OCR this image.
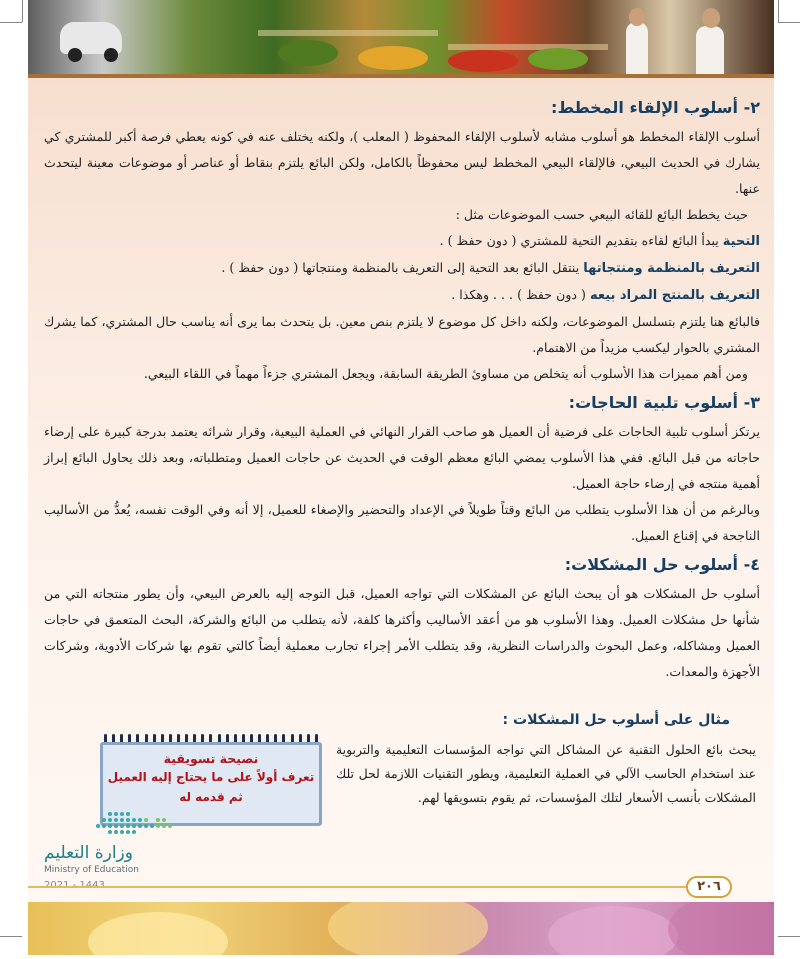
٢- أسلوب الإلقاء المخطط:

أسلوب الإلقاء المخطط هو أسلوب مشابه لأسلوب الإلقاء المحفوظ ( المعلب )، ولكنه يختلف عنه في كونه يعطي فرصة أكبر للمشتري كي يشارك في الحديث البيعي، فالإلقاء البيعي المخطط ليس محفوظاً بالكامل، ولكن البائع يلتزم بنقاط أو عناصر أو موضوعات معينة ليتحدث عنها.

حيث يخطط البائع للقائه البيعي حسب الموضوعات مثل :

التحية يبدأ البائع لقاءه بتقديم التحية للمشتري ( دون حفظ ) .

التعريف بالمنظمة ومنتجاتها ينتقل البائع بعد التحية إلى التعريف بالمنظمة ومنتجاتها ( دون حفظ ) .

التعريف بالمنتج المراد بيعه ( دون حفظ ) . . . وهكذا .

فالبائع هنا يلتزم بتسلسل الموضوعات، ولكنه داخل كل موضوع لا يلتزم بنص معين. بل يتحدث بما يرى أنه يناسب حال المشتري، كما يشرك المشتري بالحوار ليكسب مزيداً من الاهتمام.

ومن أهم مميزات هذا الأسلوب أنه يتخلص من مساوئ الطريقة السابقة، ويجعل المشتري جزءاً مهماً في اللقاء البيعي.

٣- أسلوب تلبية الحاجات:

يرتكز أسلوب تلبية الحاجات على فرضية أن العميل هو صاحب القرار النهائي في العملية البيعية، وقرار شرائه يعتمد بدرجة كبيرة على إرضاء حاجاته من قبل البائع. ففي هذا الأسلوب يمضي البائع معظم الوقت في الحديث عن حاجات العميل ومتطلباته، وبعد ذلك يحاول البائع إبراز أهمية منتجه في إرضاء حاجة العميل.

وبالرغم من أن هذا الأسلوب يتطلب من البائع وقتاً طويلاً في الإعداد والتحضير والإصغاء للعميل، إلا أنه وفي الوقت نفسه، يُعدُّ من الأساليب الناجحة في إقناع العميل.

٤- أسلوب حل المشكلات:

أسلوب حل المشكلات هو أن يبحث البائع عن المشكلات التي تواجه العميل، قبل التوجه إليه بالعرض البيعي، وأن يطور منتجاته التي من شأنها حل مشكلات العميل. وهذا الأسلوب هو من أعقد الأساليب وأكثرها كلفة، لأنه يتطلب من البائع والشركة، البحث المتعمق في حاجات العميل ومشاكله، وعمل البحوث والدراسات النظرية، وقد يتطلب الأمر إجراء تجارب معملية أيضاً كالتي تقوم بها شركات الأدوية، وشركات الأجهزة والمعدات.

مثال على أسلوب حل المشكلات :
يبحث بائع الحلول التقنية عن المشاكل التي تواجه المؤسسات التعليمية والتربوية عند استخدام الحاسب الآلي في العملية التعليمية، ويطور التقنيات اللازمة لحل تلك المشكلات بأنسب الأسعار لتلك المؤسسات، ثم يقوم بتسويقها لهم.
نصيحة تسويقية
تعرف أولاً على ما يحتاج إليه العميل
ثم قدمه له
وزارة التعليم
Ministry of Education
٢٠٦
